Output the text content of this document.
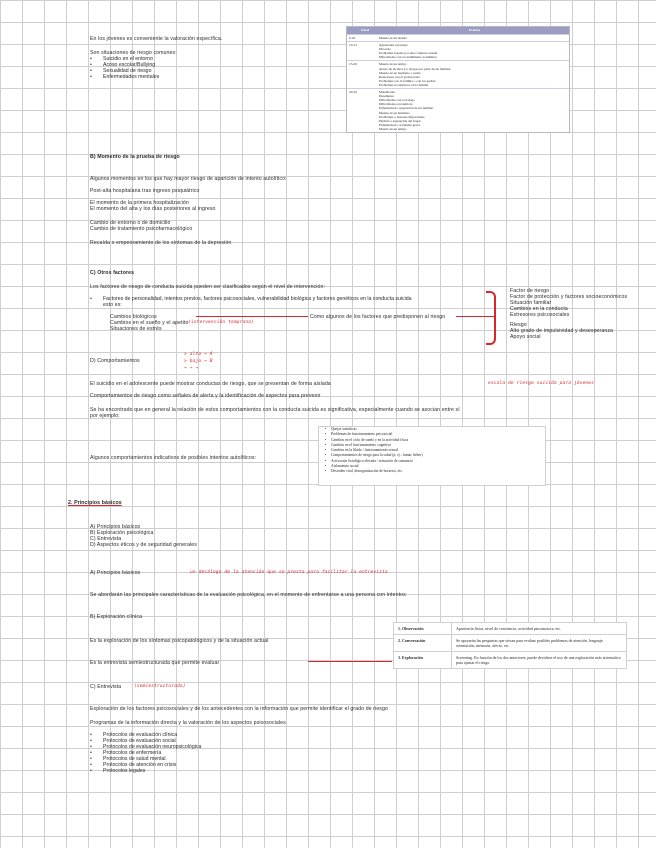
En los jóvenes es conveniente la valoración específica.
Son situaciones de riesgo comunes:
• Suicidio en el entorno
• Acoso escolar/Bullying
• Sexualidad de riesgo
• Enfermedades mentales
Edad	Eventos
0-10	Muerte de un abuelo
10-15	Agresiones escolares
Divorcio
Problemas legales por una conducta sexual
Dificultades con el rendimiento académico
15-20	Muerte de un amigo
Abuso de alcohol y/o drogas por parte de un familiar
Muerte de un hermano o padre
Relaciones con el profesorado
Problemas con la familia o con los padres
Problemas económicos en la familia
20-30	Matrimonio
Desempleo
Dificultades con el trabajo
Dificultades económicas
Enfermedad o separación de un familiar
Muerte de un hermano
Problemas o lesiones importantes
Pérdida o separación del hogar
Enfermedad o accidente grave
Muerte de un amigo
B) Momento de la prueba de riesgo
Algunos momentos en los que hay mayor riesgo de aparición de intento autolítico:
Post-alta hospitalaria tras ingreso psiquiátrico
El momento de la primera hospitalización
El momento del alta y los días posteriores al ingreso
Cambio de entorno o de domicilio
Cambio de tratamiento psicofarmacológico
Recaída o empeoramiento de los síntomas de la depresión
C) Otros factores
Los factores de riesgo de conducta suicida pueden ser clasificados según el nivel de intervención:
• Factores de personalidad, intentos previos, factores psicosociales, vulnerabilidad biológica y factores genéticos en la conducta suicida
esto es:
Cambios biológicos
Cambios en el sueño y el apetito (intervención temprana)
Situaciones de estrés
Como algunos de los factores que predisponen al riesgo
Factor de riesgo
Factor de protección y factores socioeconómicos
Situación familiar
Cambios en la conducta
Estresores psicosociales
Riesgo
Alto grado de impulsividad y desesperanza
Apoyo social
D) Comportamientos
> alto → A
> bajo → B
→ → →
El suicidio en el adolescente puede mostrar conductas de riesgo, que se presentan de forma aislada	escala de riesgo suicida para jóvenes
Comportamientos de riesgo como señales de alerta y la identificación de aspectos para prevenir
Se ha encontrado que en general la relación de estos comportamientos con la conducta suicida es significativa, especialmente cuando se asocian entre sí
por ejemplo:
Algunos comportamientos indicativos de posibles intentos autolíticos:
• Quejas somáticas
• Problemas de funcionamiento psicosocial
• Cambios en el ciclo de sueño y en la actividad física
• Cambios en el funcionamiento cognitivo
• Cambios en la libido / funcionamiento sexual
• Comportamientos de riesgo para la salud (p. ej.: fumar, beber)
• Activación fisiológica elevada / sensación de cansancio
• Aislamiento social
• Desorden vital, desorganización de horarios, etc.
2. Principios básicos
A) Principios básicos
B) Exploración psicológica
C) Entrevista
D) Aspectos éticos y de seguridad generales
A) Principios básicos	un decálogo de la atención que se presta para facilitar la entrevista
Se abordarán las principales características de la evaluación psicológica, en el momento de enfrentarse a una persona con intentos
B) Exploración clínica
Es la exploración de los síntomas psicopatológicos y de la situación actual
Es la entrevista semiestructurada que permite evaluar
1. Observación	Apariencia física, nivel de conciencia, actividad psicomotora, etc.
2. Conversación	Se apoyarán las preguntas que sirvan para evaluar posibles problemas de atención, lenguaje, orientación, memoria, afecto, etc.
3. Exploración	Screening. En función de los dos anteriores, puede decidirse el uso de una exploración más sistemática para ajustar el riesgo.
C) Entrevista	(semiestructurada)
Exploración de los factores psicosociales y de los antecedentes con la información que permite identificar el grado de riesgo
Programas de la información directa y la valoración de los aspectos psicosociales
• Protocolos de evaluación clínica
• Protocolos de evaluación social
• Protocolos de evaluación neuropsicológica
• Protocolos de enfermería
• Protocolos de salud mental
• Protocolos de atención en crisis
• Protocolos legales
